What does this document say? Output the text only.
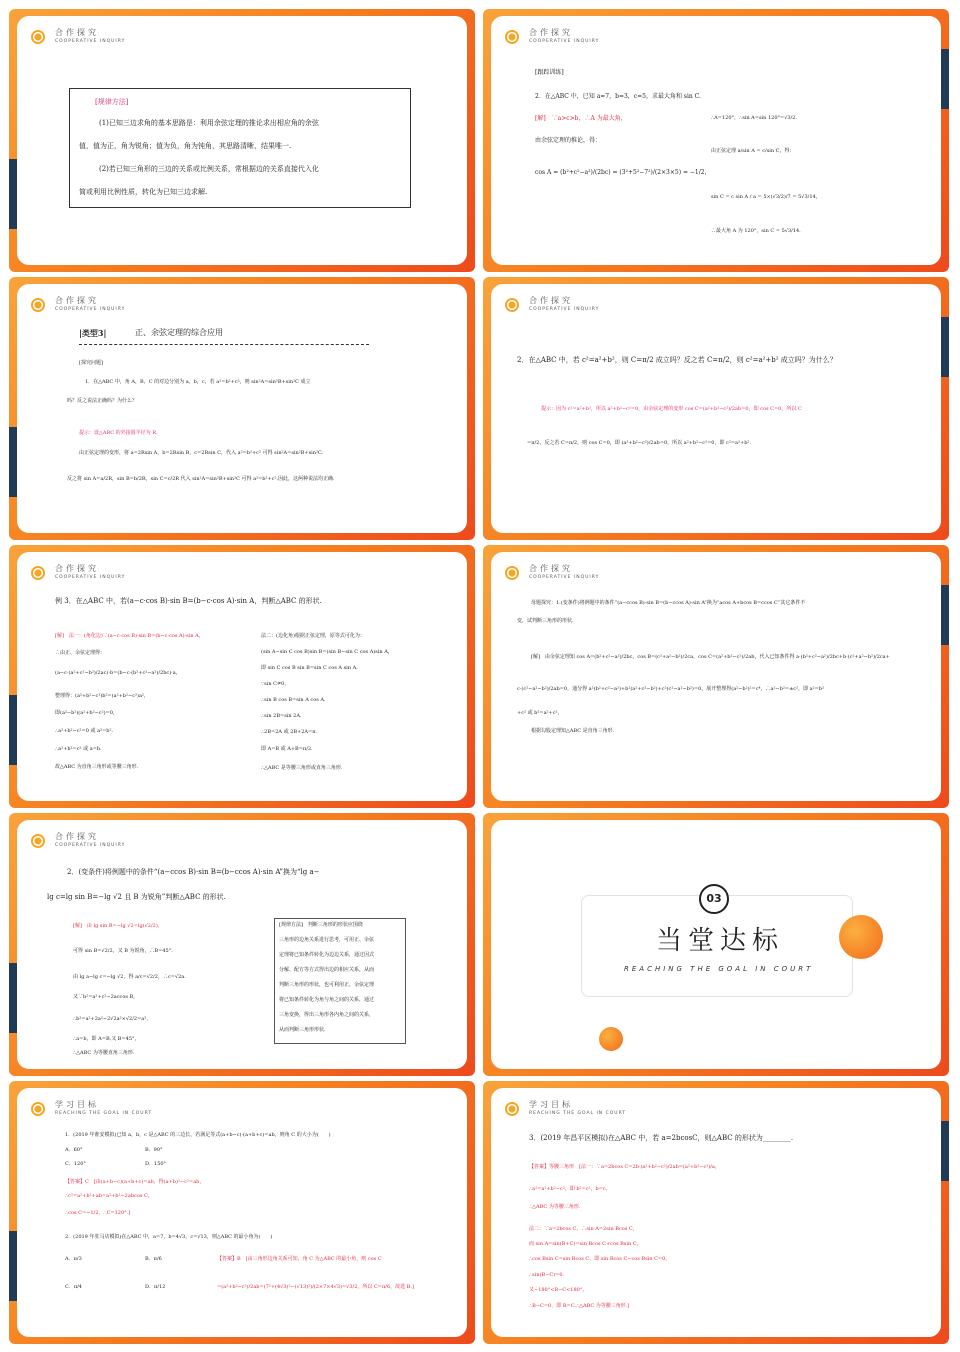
合作探究
COOPERATIVE INQUIRY
[规律方法]
(1)已知三边求角的基本思路是：利用余弦定理的推论求出相应角的余弦
值，值为正，角为锐角；值为负，角为钝角，其思路清晰，结果唯一.
(2)若已知三角形的三边的关系或比例关系，常根据边的关系直接代入化
简或利用比例性质，转化为已知三边求解.
合作探究
COOPERATIVE INQUIRY
[跟踪训练]
2．在△ABC 中，已知 a=7，b=3，c=5，求最大角和 sin C.
[解]　∵a>c>b，∴A 为最大角，
由余弦定理的推论，得：
cos A = (b²+c²−a²)/(2bc) = (3²+5²−7²)/(2×3×5) = −1/2，
∴A=120°，∴sin A=sin 120°=√3/2.
由正弦定理 a/sin A = c/sin C，得：
sin C = c sin A / a = 5×(√3/2)/7 = 5√3/14，
∴最大角 A 为 120°，sin C = 5√3/14.
合作探究
COOPERATIVE INQUIRY
|类型3|	正、余弦定理的综合应用
[探究问题]
1．在△ABC 中，角 A，B，C 的对边分别为 a，b，c，若 a²=b²+c²，则 sin²A=sin²B+sin²C 成立
吗？反之说法正确吗？为什么？
提示：设△ABC 的外接圆半径为 R.
由正弦定理的变形，将 a=2Rsin A，b=2Rsin B，c=2Rsin C，代入 a²=b²+c² 可得 sin²A=sin²B+sin²C.
反之将 sin A=a/2R，sin B=b/2R，sin C=c/2R 代入 sin²A=sin²B+sin²C 可得 a²=b²+c².因此，这两种说法均正确.
合作探究
COOPERATIVE INQUIRY
2．在△ABC 中，若 c²=a²+b²，则 C=π/2 成立吗？反之若 C=π/2，则 c²=a²+b² 成立吗？为什么？
提示：因为 c²=a²+b²，所以 a²+b²−c²=0，由余弦定理的变形 cos C=(a²+b²−c²)/2ab=0，即 cos C=0，所以 C
=π/2，反之若 C=π/2，则 cos C=0，即 (a²+b²−c²)/2ab=0，所以 a²+b²−c²=0，即 c²=a²+b².
合作探究
COOPERATIVE INQUIRY
例 3．在△ABC 中，若(a−c·cos B)·sin B=(b−c·cos A)·sin A，判断△ABC 的形状.
[解]　法一：(角化边)∵(a−c·cos B)·sin B=(b−c·cos A)·sin A，
∴由正、余弦定理得：
(a−c·(a²+c²−b²)/2ac)·b=(b−c·(b²+c²−a²)/2bc)·a，
整理得：(a²+b²−c²)b²=(a²+b²−c²)a²，
即(a²−b²)(a²+b²−c²)=0，
∴a²+b²−c²=0 或 a²=b².
∴a²+b²=c² 或 a=b.
故△ABC 为直角三角形或等腰三角形.
法二：(边化角)根据正弦定理，原等式可化为：
(sin A−sin C cos B)sin B=(sin B−sin C cos A)sin A，
即 sin C cos B sin B=sin C cos A sin A.
∵sin C≠0，
∴sin B cos B=sin A cos A.
∴sin 2B=sin 2A.
∴2B=2A 或 2B+2A=π.
即 A=B 或 A+B=π/2.
∴△ABC 是等腰三角形或直角三角形.
合作探究
COOPERATIVE INQUIRY
母题探究：1.(变条件)将例题中的条件“(a−ccos B)·sin B=(b−ccos A)·sin A”换为“acos A+bcos B=ccos C”其它条件不
变，试判断三角形的形状.
[解]　由余弦定理知 cos A=(b²+c²−a²)/2bc，cos B=(c²+a²−b²)/2ca，cos C=(a²+b²−c²)/2ab，代入已知条件得 a·(b²+c²−a²)/2bc+b·(c²+a²−b²)/2ca+
c·(c²−a²−b²)/2ab=0，通分得 a²(b²+c²−a²)+b²(a²+c²−b²)+c²(c²−a²−b²)=0，展开整理得(a²−b²)²=c⁴，∴a²−b²=±c²，即 a²=b²
+c² 或 b²=a²+c²，
根据勾股定理知△ABC 是直角三角形.
合作探究
COOPERATIVE INQUIRY
2．(变条件)将例题中的条件“(a−ccos B)·sin B=(b−ccos A)·sin A”换为“lg a−
lg c=lg sin B=−lg √2 且 B 为锐角”判断△ABC 的形状.
[解]　由 lg sin B=−lg √2=lg(√2/2)，
可得 sin B=√2/2，又 B 为锐角，∴B=45°.
由 lg a−lg c=−lg √2，得 a/c=√2/2，∴c=√2a.
又∵b²=a²+c²−2accos B，
∴b²=a²+2a²−2√2a²×√2/2=a²，
∴a=b，即 A=B.又 B=45°，
∴△ABC 为等腰直角三角形.
[规律方法]　判断三角形的形状应围绕
三角形的边角关系进行思考，可用正、余弦
定理将已知条件转化为边边关系，通过因式
分解、配方等方式得出边的相应关系，从而
判断三角形的形状，也可利用正、余弦定理
将已知条件转化为角与角之间的关系，通过
三角变换，得出三角形各内角之间的关系，
从而判断三角形形状.
03
当堂达标
REACHING THE GOAL IN COURT
学习目标
REACHING THE GOAL IN COURT
1．(2019 年淮安模拟)已知 a，b，c 是△ABC 的三边长，若满足等式(a+b−c)·(a+b+c)=ab，则角 C 的大小为(　　)
A．60°	B．90°
C．120°	D．150°
【答案】C　[由(a+b−c)(a+b+c)=ab，得(a+b)²−c²=ab，
∴c²=a²+b²+ab=a²+b²−2abcos C，
∴cos C=−1/2，∴C=120°.]
2．(2019 年驻马店模拟)在△ABC 中，a=7，b=4√3，c=√13，则△ABC 的最小角为(　　)
A．π/3	B．π/6
C．π/4	D．π/12
【答案】B　[由三角形边角关系可知，角 C 为△ABC 的最小角，则 cos C
=(a²+b²−c²)/2ab=(7²+(4√3)²−(√13)²)/(2×7×4√3)=√3/2，所以 C=π/6，故选 B.]
学习目标
REACHING THE GOAL IN COURT
3．(2019 年昌平区模拟)在△ABC 中，若 a=2bcosC，则△ABC 的形状为________.
【答案】等腰三角形　[法一：∵a=2bcos C=2b·(a²+b²−c²)/2ab=(a²+b²−c²)/a，
∴a²=a²+b²−c²，即 b²=c²，b=c，
∴△ABC 为等腰三角形.
法二：∵a=2bcos C，∴sin A=2sin Bcos C，
而 sin A=sin(B+C)=sin Bcos C+cos Bsin C，
∴cos Bsin C=sin Bcos C，即 sin Bcos C−cos Bsin C=0，
∴sin(B−C)=0.
又−180°<B−C<180°，
∴B−C=0，即 B=C.∴△ABC 为等腰三角形.]
